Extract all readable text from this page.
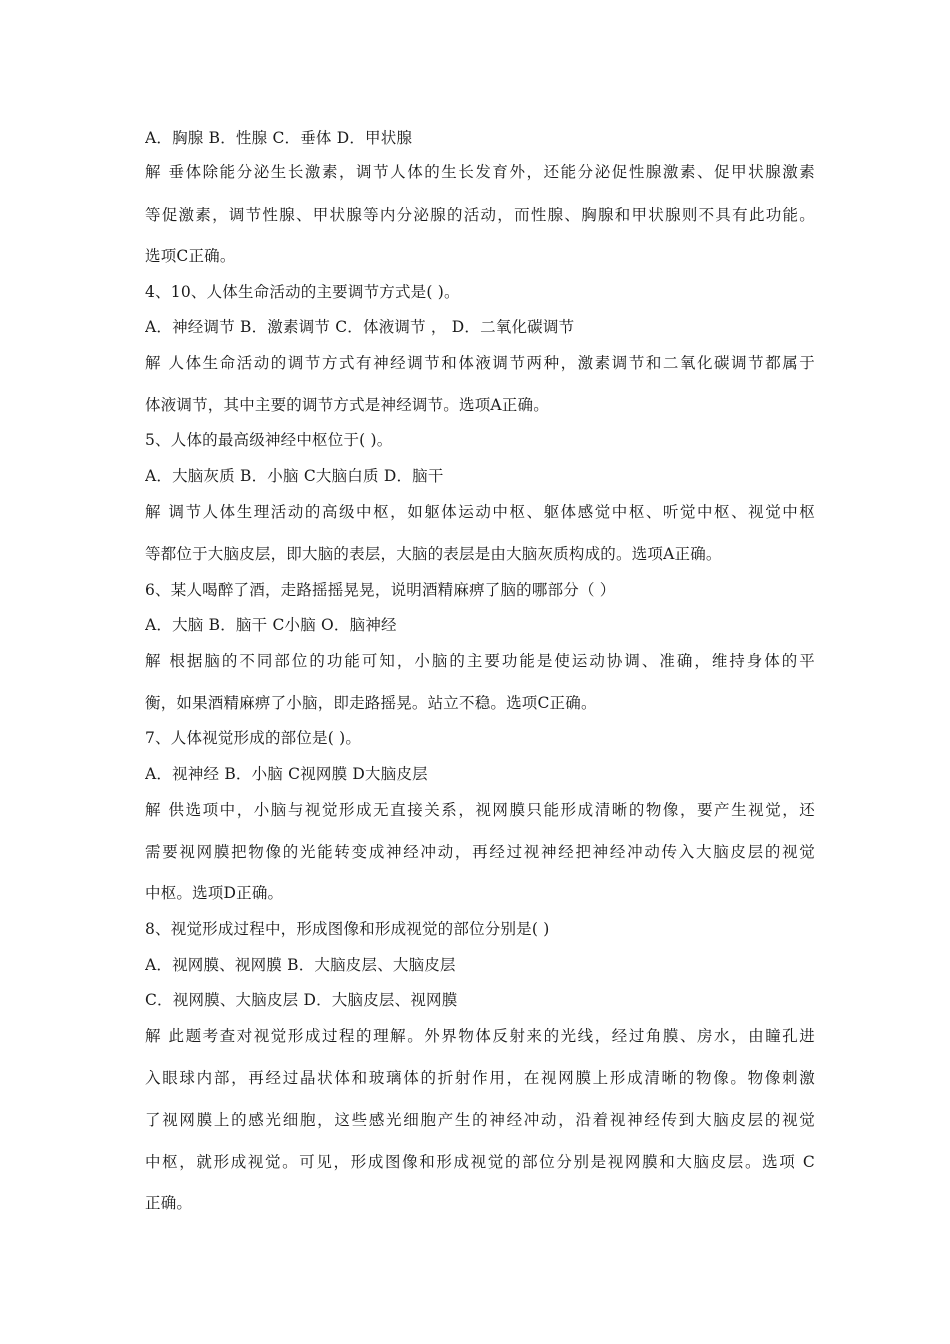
A．胸腺 B．性腺 C．垂体 D．甲状腺
解 垂体除能分泌生长激素，调节人体的生长发育外，还能分泌促性腺激素、促甲状腺激素
等促激素，调节性腺、甲状腺等内分泌腺的活动，而性腺、胸腺和甲状腺则不具有此功能。
选项C正确。
4、10、人体生命活动的主要调节方式是( )。
A．神经调节 B．激素调节 C．体液调节 ， D．二氧化碳调节
解 人体生命活动的调节方式有神经调节和体液调节两种，激素调节和二氧化碳调节都属于
体液调节，其中主要的调节方式是神经调节。选项A正确。
5、人体的最高级神经中枢位于( )。
A．大脑灰质 B．小脑 C大脑白质 D．脑干
解 调节人体生理活动的高级中枢，如躯体运动中枢、躯体感觉中枢、听觉中枢、视觉中枢
等都位于大脑皮层，即大脑的表层，大脑的表层是由大脑灰质构成的。选项A正确。
6、某人喝醉了酒，走路摇摇晃晃，说明酒精麻痹了脑的哪部分（ ）
A．大脑 B．脑干 C小脑 O．脑神经
解 根据脑的不同部位的功能可知，小脑的主要功能是使运动协调、准确，维持身体的平
衡，如果酒精麻痹了小脑，即走路摇晃。站立不稳。选项C正确。
7、人体视觉形成的部位是( )。
A．视神经 B．小脑 C视网膜 D大脑皮层
解 供选项中，小脑与视觉形成无直接关系，视网膜只能形成清晰的物像，要产生视觉，还
需要视网膜把物像的光能转变成神经冲动，再经过视神经把神经冲动传入大脑皮层的视觉
中枢。选项D正确。
8、视觉形成过程中，形成图像和形成视觉的部位分别是( )
A．视网膜、视网膜 B．大脑皮层、大脑皮层
C．视网膜、大脑皮层 D．大脑皮层、视网膜
解 此题考查对视觉形成过程的理解。外界物体反射来的光线，经过角膜、房水，由瞳孔进
入眼球内部，再经过晶状体和玻璃体的折射作用，在视网膜上形成清晰的物像。物像刺激
了视网膜上的感光细胞，这些感光细胞产生的神经冲动，沿着视神经传到大脑皮层的视觉
中枢，就形成视觉。可见，形成图像和形成视觉的部位分别是视网膜和大脑皮层。选项 C
正确。
